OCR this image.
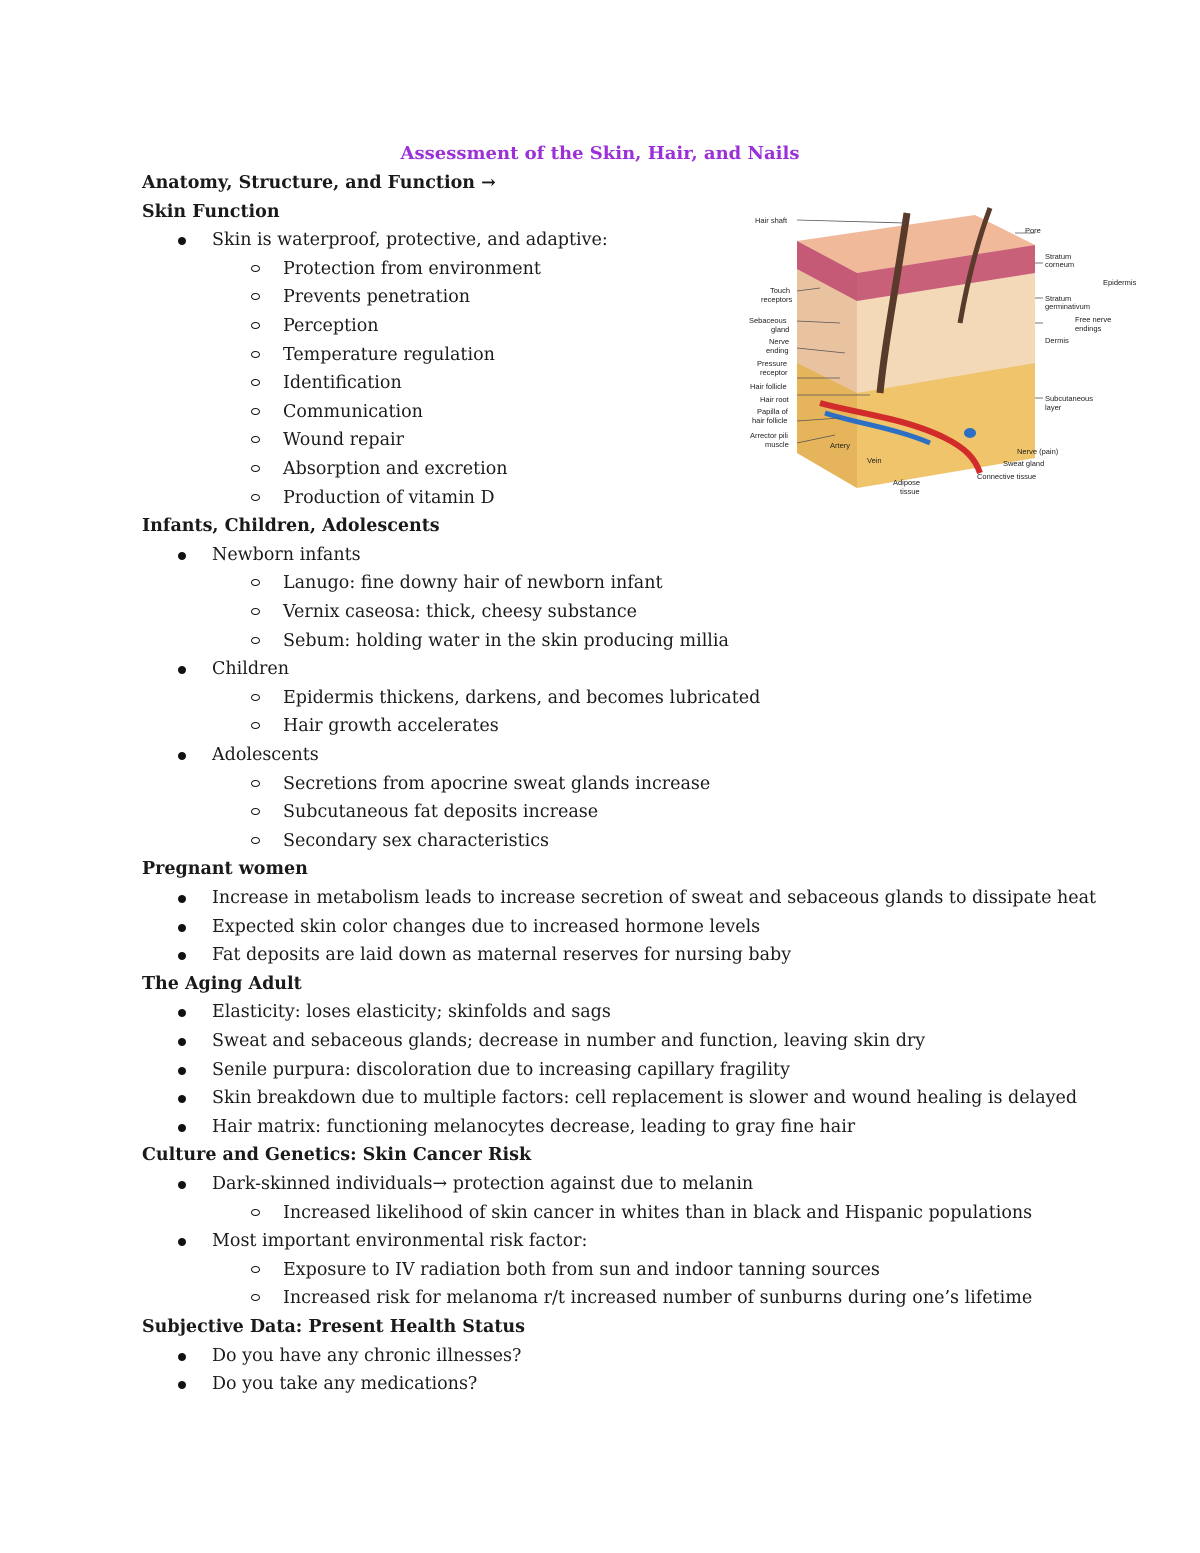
Assessment of the Skin, Hair, and Nails
Anatomy, Structure, and Function →
Skin Function
Skin is waterproof, protective, and adaptive:
Protection from environment
Prevents penetration
Perception
Temperature regulation
Identification
Communication
Wound repair
Absorption and excretion
Production of vitamin D
Infants, Children, Adolescents
Newborn infants
Lanugo: fine downy hair of newborn infant
Vernix caseosa: thick, cheesy substance
Sebum: holding water in the skin producing millia
Children
Epidermis thickens, darkens, and becomes lubricated
Hair growth accelerates
Adolescents
Secretions from apocrine sweat glands increase
Subcutaneous fat deposits increase
Secondary sex characteristics
Pregnant women
Increase in metabolism leads to increase secretion of sweat and sebaceous glands to dissipate heat
Expected skin color changes due to increased hormone levels
Fat deposits are laid down as maternal reserves for nursing baby
The Aging Adult
Elasticity: loses elasticity; skinfolds and sags
Sweat and sebaceous glands; decrease in number and function, leaving skin dry
Senile purpura: discoloration due to increasing capillary fragility
Skin breakdown due to multiple factors: cell replacement is slower and wound healing is delayed
Hair matrix: functioning melanocytes decrease, leading to gray fine hair
Culture and Genetics: Skin Cancer Risk
Dark-skinned individuals→ protection against due to melanin
Increased likelihood of skin cancer in whites than in black and Hispanic populations
Most important environmental risk factor:
Exposure to IV radiation both from sun and indoor tanning sources
Increased risk for melanoma r/t increased number of sunburns during one’s lifetime
Subjective Data: Present Health Status
Do you have any chronic illnesses?
Do you take any medications?
Hair shaft
Touch
receptors
Sebaceous
gland
Nerve
ending
Pressure
receptor
Hair follicle
Hair root
Papilla of
hair follicle
Arrector pili
muscle	Artery
Vein
Adipose
tissue
Connective tissue
Sweat gland
Nerve (pain)
Pore
Stratum
corneum
Stratum
germinativum
Free nerve
endings
Dermis
Subcutaneous
layer
Epidermis
